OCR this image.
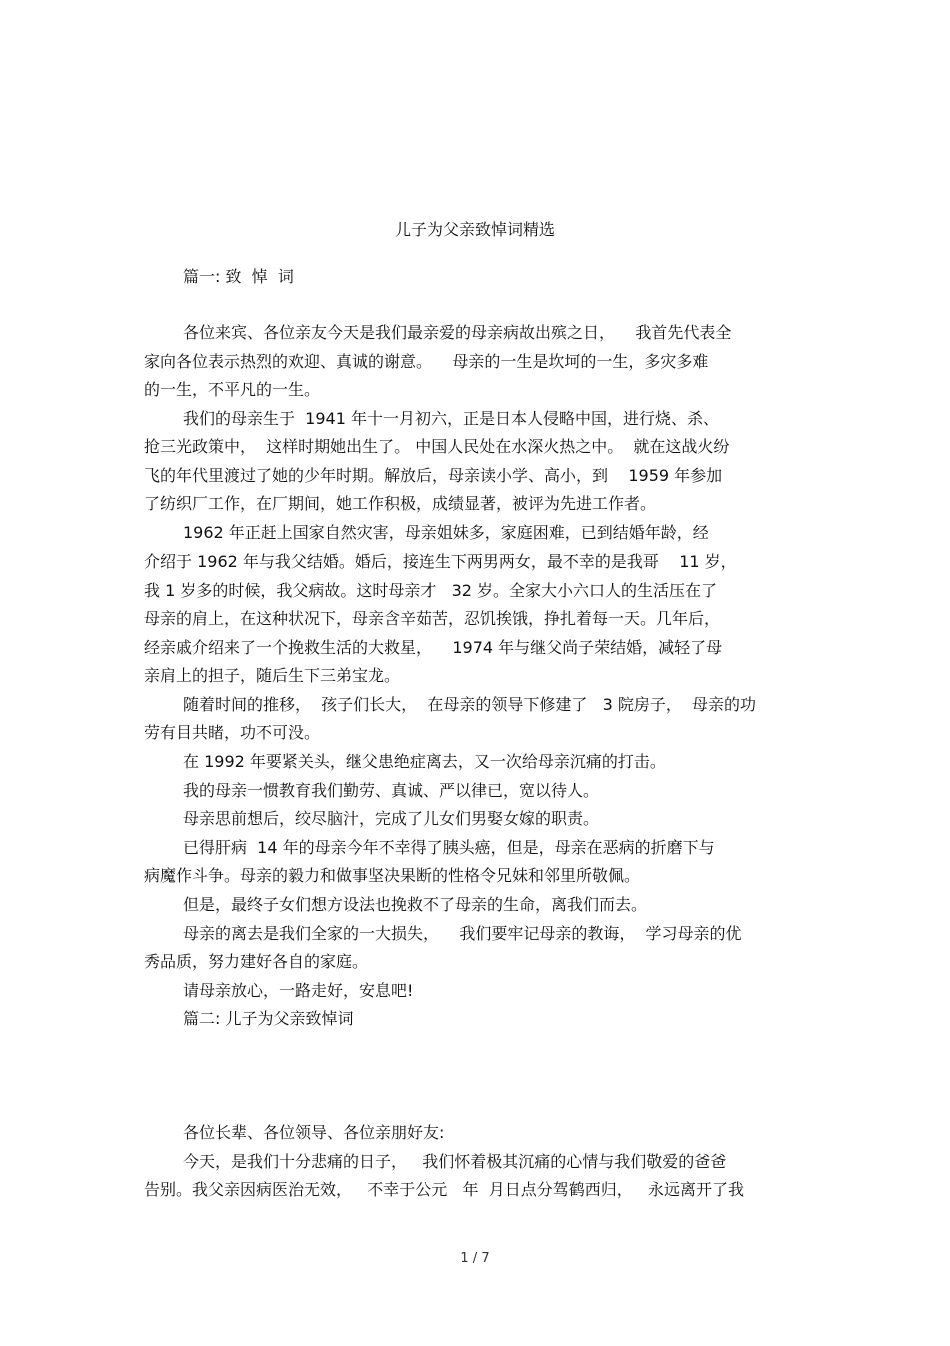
儿子为父亲致悼词精选
篇一: 致  悼  词
各位来宾、各位亲友今天是我们最亲爱的母亲病故出殡之日，    我首先代表全
家向各位表示热烈的欢迎、真诚的谢意。    母亲的一生是坎坷的一生，多灾多难
的一生，不平凡的一生。
我们的母亲生于  1941 年十一月初六，正是日本人侵略中国，进行烧、杀、
抢三光政策中，  这样时期她出生了。 中国人民处在水深火热之中。  就在这战火纷
飞的年代里渡过了她的少年时期。解放后，母亲读小学、高小，到    1959 年参加
了纺织厂工作，在厂期间，她工作积极，成绩显著，被评为先进工作者。
1962 年正赶上国家自然灾害，母亲姐妹多，家庭困难，已到结婚年龄，经
介绍于 1962 年与我父结婚。婚后，接连生下两男两女，最不幸的是我哥    11 岁，
我 1 岁多的时候，我父病故。这时母亲才   32 岁。全家大小六口人的生活压在了
母亲的肩上，在这种状况下，母亲含辛茹苦，忍饥挨饿，挣扎着每一天。几年后，
经亲戚介绍来了一个挽救生活的大救星，    1974 年与继父尚子荣结婚，减轻了母
亲肩上的担子，随后生下三弟宝龙。
随着时间的推移，  孩子们长大，  在母亲的领导下修建了   3 院房子，  母亲的功
劳有目共睹，功不可没。
在 1992 年要紧关头，继父患绝症离去，又一次给母亲沉痛的打击。
我的母亲一惯教育我们勤劳、真诚、严以律已，宽以待人。
母亲思前想后，绞尽脑汁，完成了儿女们男娶女嫁的职责。
已得肝病  14 年的母亲今年不幸得了胰头癌，但是，母亲在恶病的折磨下与
病魔作斗争。母亲的毅力和做事坚决果断的性格令兄妹和邻里所敬佩。
但是，最终子女们想方设法也挽救不了母亲的生命，离我们而去。
母亲的离去是我们全家的一大损失，    我们要牢记母亲的教诲，  学习母亲的优
秀品质，努力建好各自的家庭。
请母亲放心，一路走好，安息吧!
篇二: 儿子为父亲致悼词
各位长辈、各位领导、各位亲朋好友:
今天，是我们十分悲痛的日子，   我们怀着极其沉痛的心情与我们敬爱的爸爸
告别。我父亲因病医治无效，   不幸于公元   年  月日点分驾鹤西归，   永远离开了我
1 / 7
